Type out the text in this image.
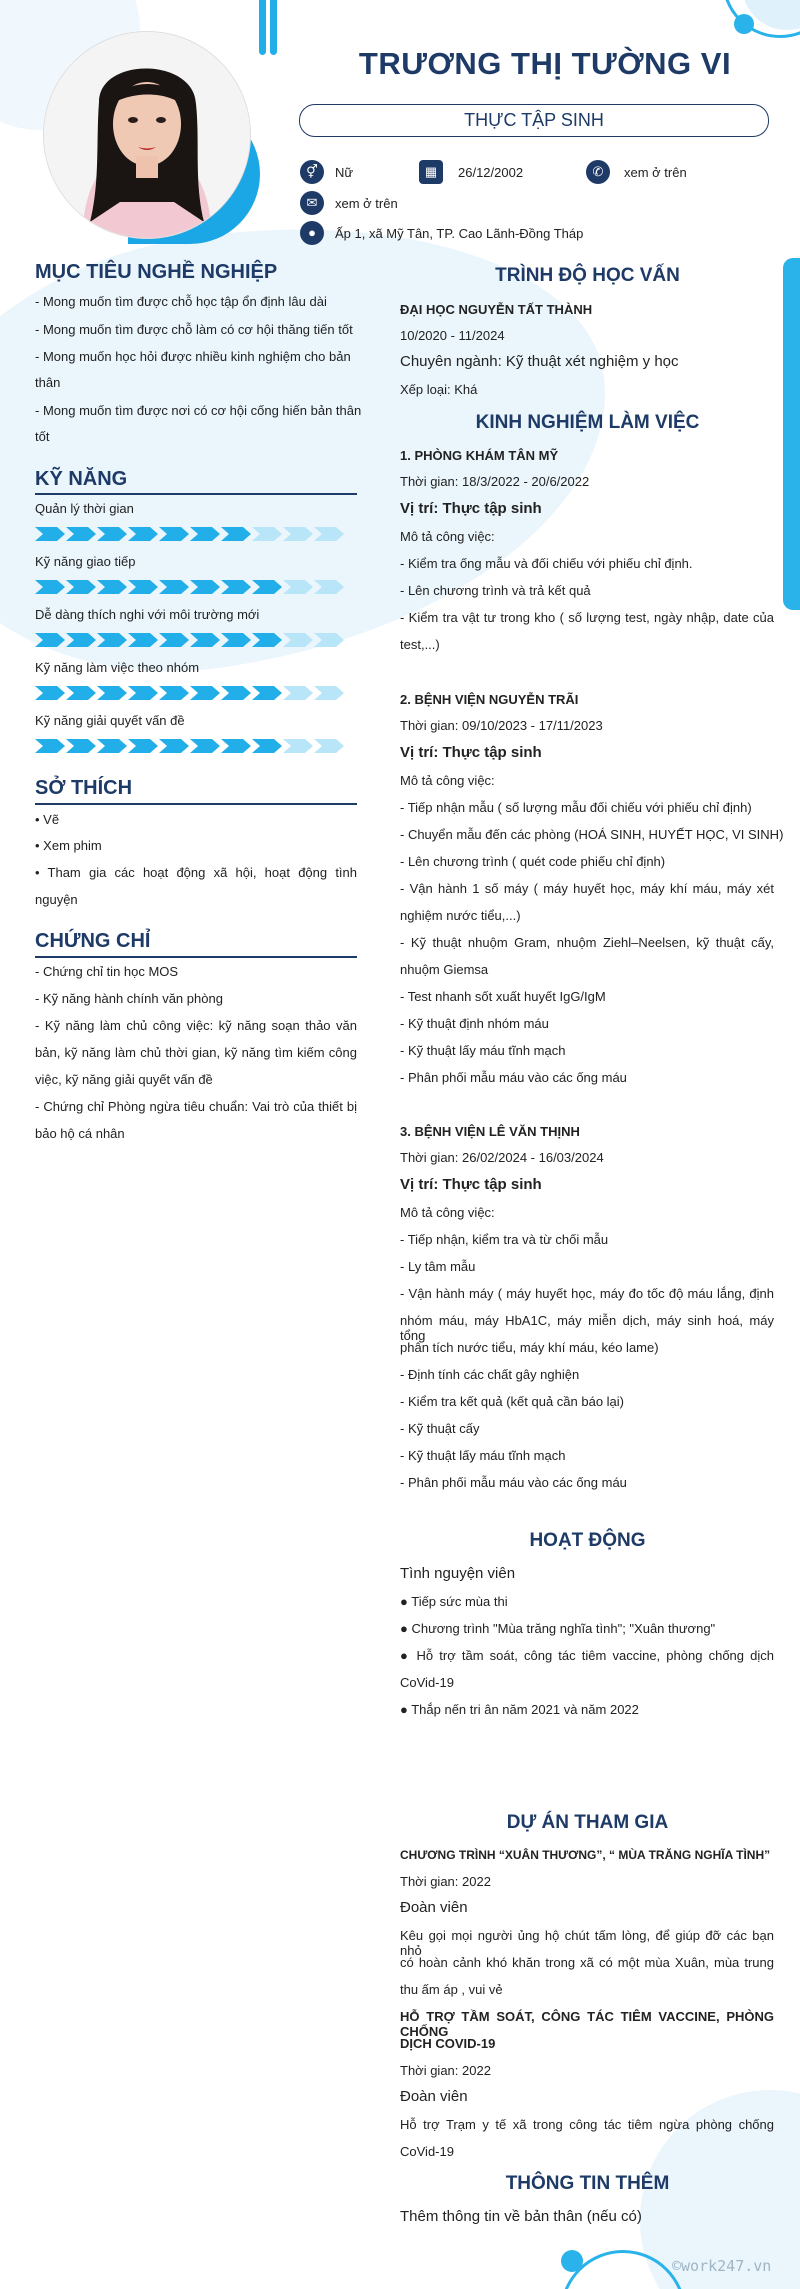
TRƯƠNG THỊ TƯỜNG VI
THỰC TẬP SINH
⚥	Nữ	▦	26/12/2002	✆	xem ở trên
✉	xem ở trên
●	Ấp 1, xã Mỹ Tân, TP. Cao Lãnh-Đồng Tháp
MỤC TIÊU NGHỀ NGHIỆP
- Mong muốn tìm được chỗ học tập ổn định lâu dài
- Mong muốn tìm được chỗ làm có cơ hội thăng tiến tốt
- Mong muốn học hỏi được nhiều kinh nghiệm cho bản
thân
- Mong muốn tìm được nơi có cơ hội cống hiến bản thân
tốt
KỸ NĂNG
Quản lý thời gian
Kỹ năng giao tiếp
Dễ dàng thích nghi với môi trường mới
Kỹ năng làm việc theo nhóm
Kỹ năng giải quyết vấn đề
SỞ THÍCH
• Vẽ
• Xem phim
• Tham gia các hoạt động xã hội, hoạt động tình
nguyện
CHỨNG CHỈ
- Chứng chỉ tin học MOS
- Kỹ năng hành chính văn phòng
- Kỹ năng làm chủ công việc: kỹ năng soạn thảo văn
bản, kỹ năng làm chủ thời gian, kỹ năng tìm kiếm công
việc, kỹ năng giải quyết vấn đề
- Chứng chỉ Phòng ngừa tiêu chuẩn: Vai trò của thiết bị
bảo hộ cá nhân
TRÌNH ĐỘ HỌC VẤN
ĐẠI HỌC NGUYỄN TẤT THÀNH
10/2020 - 11/2024
Chuyên ngành: Kỹ thuật xét nghiệm y học
Xếp loại: Khá
KINH NGHIỆM LÀM VIỆC
1. PHÒNG KHÁM TÂN MỸ
Thời gian: 18/3/2022 - 20/6/2022
Vị trí: Thực tập sinh
Mô tả công việc:
- Kiểm tra ống mẫu và đối chiếu với phiếu chỉ định.
- Lên chương trình và trả kết quả
- Kiểm tra vật tư trong kho ( số lượng test, ngày nhập, date của
test,...)
2. BỆNH VIỆN NGUYỄN TRÃI
Thời gian: 09/10/2023 - 17/11/2023
Vị trí: Thực tập sinh
Mô tả công việc:
- Tiếp nhận mẫu ( số lượng mẫu đối chiếu với phiếu chỉ định)
- Chuyển mẫu đến các phòng (HOÁ SINH, HUYẾT HỌC, VI SINH)
- Lên chương trình ( quét code phiếu chỉ định)
- Vận hành 1 số máy ( máy huyết học, máy khí máu, máy xét
nghiệm nước tiểu,...)
- Kỹ thuật nhuộm Gram, nhuộm Ziehl–Neelsen, kỹ thuật cấy,
nhuộm Giemsa
- Test nhanh sốt xuất huyết IgG/IgM
- Kỹ thuật định nhóm máu
- Kỹ thuật lấy máu tĩnh mạch
- Phân phối mẫu máu vào các ống máu
3. BỆNH VIỆN LÊ VĂN THỊNH
Thời gian: 26/02/2024 - 16/03/2024
Vị trí: Thực tập sinh
Mô tả công việc:
- Tiếp nhận, kiểm tra và từ chối mẫu
- Ly tâm mẫu
- Vận hành máy ( máy huyết học, máy đo tốc độ máu lắng, định
nhóm máu, máy HbA1C, máy miễn dịch, máy sinh hoá, máy tổng
phân tích nước tiểu, máy khí máu, kéo lame)
- Định tính các chất gây nghiện
- Kiểm tra kết quả (kết quả cần báo lại)
- Kỹ thuật cấy
- Kỹ thuật lấy máu tĩnh mạch
- Phân phối mẫu máu vào các ống máu
HOẠT ĐỘNG
Tình nguyện viên
● Tiếp sức mùa thi
● Chương trình "Mùa trăng nghĩa tình"; "Xuân thương"
● Hỗ trợ tầm soát, công tác tiêm vaccine, phòng chống dịch
CoVid-19
● Thắp nến tri ân năm 2021 và năm 2022
DỰ ÁN THAM GIA
CHƯƠNG TRÌNH “XUÂN THƯƠNG”, “ MÙA TRĂNG NGHĨA TÌNH”
Thời gian: 2022
Đoàn viên
Kêu gọi mọi người ủng hộ chút tấm lòng, để giúp đỡ các bạn nhỏ
có hoàn cảnh khó khăn trong xã có một mùa Xuân, mùa trung
thu ấm áp , vui vẻ
HỖ TRỢ TẦM SOÁT, CÔNG TÁC TIÊM VACCINE, PHÒNG CHỐNG
DỊCH COVID-19
Thời gian: 2022
Đoàn viên
Hỗ trợ Trạm y tế xã trong công tác tiêm ngừa phòng chống
CoVid-19
THÔNG TIN THÊM
Thêm thông tin về bản thân (nếu có)
©work247.vn
